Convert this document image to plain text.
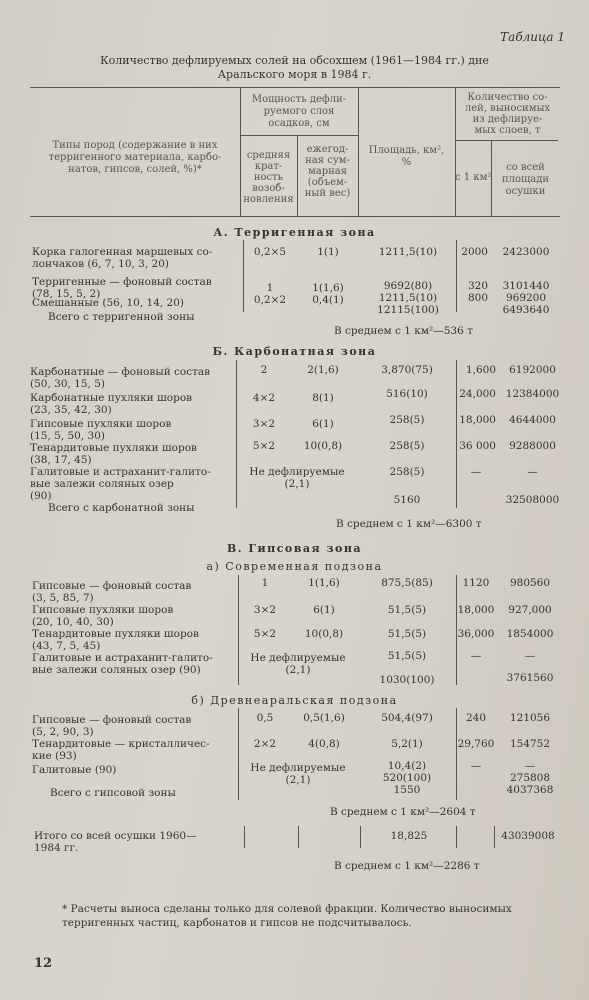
Таблица 1
Количество дефлируемых солей на обсохшем (1961—1984 гг.) дне
Аральского моря в 1984 г.
Типы пород (содержание в них
терригенного материала, карбо-
натов, гипсов, солей, %)*
Мощность дефли-
руемого слоя
осадков, см
средняя
крат-
ность
возоб-
новления
ежегод-
ная сум-
марная
(объем-
ный вес)
Площадь, км²,
%
Количество со-
лей, выносимых
из дефлируе-
мых слоев, т
с 1 км²
со всей
площади
осушки
А. Терригенная зона
Корка галогенная маршевых со-
лончаков (6, 7, 10, 3, 20)
0,2×5	1(1)	1211,5(10)	2000	2423000
Терригенные — фоновый состав
(78, 15, 5, 2)	1	1(1,6)	9692(80)	320	3101440
Смешанные (56, 10, 14, 20)	0,2×2	0,4(1)	1211,5(10)	800	969200
Всего с терригенной зоны
12115(100)	6493640
В среднем с 1 км²—536 т
Б. Карбонатная зона
Карбонатные — фоновый состав
(50, 30, 15, 5)
2	2(1,6)	3,870(75)	1,600	6192000
Карбонатные пухляки шоров
(23, 35, 42, 30)
4×2	8(1)	516(10)	24,000 12384000
Гипсовые пухляки шоров
(15, 5, 50, 30)
3×2	6(1)	258(5)	18,000	4644000
Тенардитовые пухляки шоров
(38, 17, 45)
5×2	10(0,8)	258(5)	36 000	9288000
Галитовые и астраханит-галито-
вые залежи соляных озер
(90)
Не дефлируемые
(2,1)
258(5)	—	—
Всего с карбонатной зоны
5160	32508000
В среднем с 1 км²—6300 т
В. Гипсовая зона
а) Современная подзона
Гипсовые — фоновый состав
(3, 5, 85, 7)
1	1(1,6)	875,5(85)	1120	980560
Гипсовые пухляки шоров
(20, 10, 40, 30)
3×2	6(1)	51,5(5)	18,000	927,000
Тенардитовые пухляки шоров
(43, 7, 5, 45)
5×2	10(0,8)	51,5(5)	36,000	1854000
Галитовые и астраханит-галито-
вые залежи соляных озер (90)
Не дефлируемые
(2,1)
51,5(5)	—	—
1030(100)	3761560
б) Древнеаральская подзона
Гипсовые — фоновый состав
(5, 2, 90, 3)
0,5	0,5(1,6)	504,4(97)	240	121056
Тенардитовые — кристалличес-
кие (93)
2×2	4(0,8)	5,2(1)	29,760	154752
Галитовые (90)	Не дефлируемые
(2,1)
10,4(2)	—	—
520(100)	275808
Всего с гипсовой зоны	1550	4037368
В среднем с 1 км²—2604 т
Итого со всей осушки 1960—
1984 гг.
18,825	43039008
В среднем с 1 км²—2286 т
* Расчеты выноса сделаны только для солевой фракции. Количество выносимых
терригенных частиц, карбонатов и гипсов не подсчитывалось.
12
